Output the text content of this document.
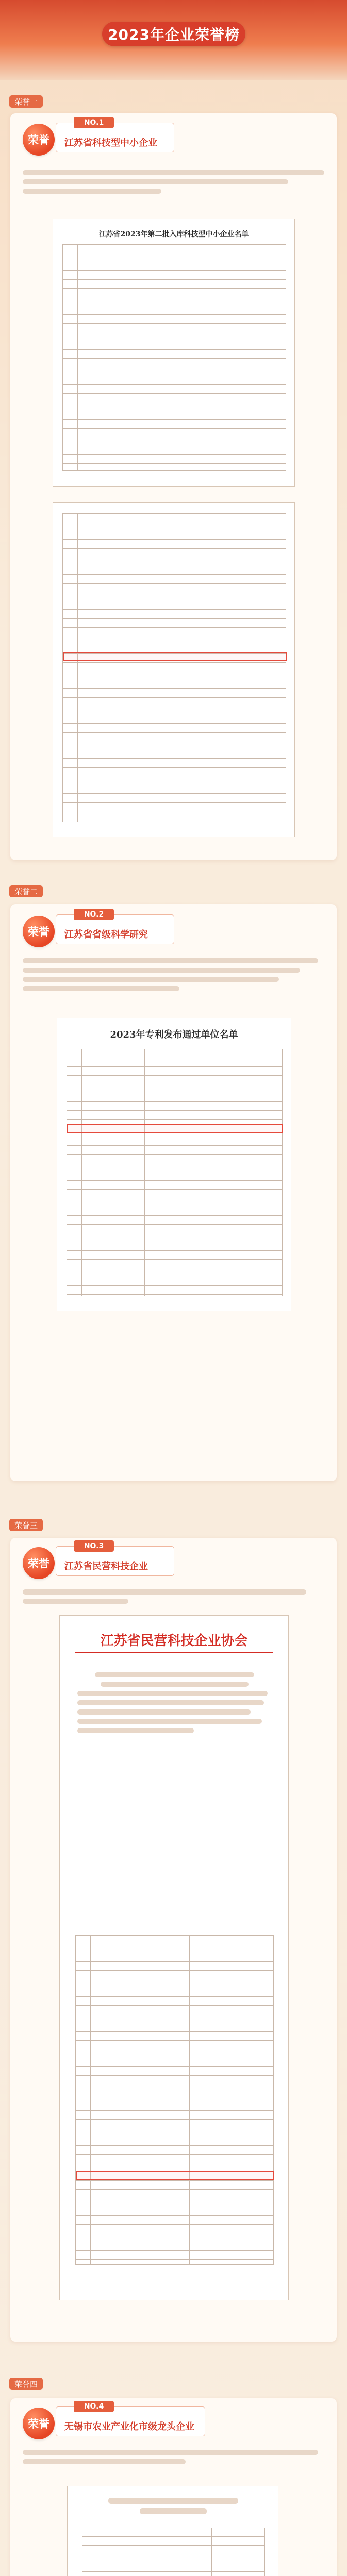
2023年企业荣誉榜
荣誉一
荣誉
NO.1
江苏省科技型中小企业
江苏省2023年第二批入库科技型中小企业名单
荣誉二
荣誉
NO.2
江苏省省级科学研究
2023年专利发布通过单位名单
荣誉三
荣誉
NO.3
江苏省民营科技企业
江苏省民营科技企业协会
荣誉四
荣誉
NO.4
无锡市农业产业化市级龙头企业
